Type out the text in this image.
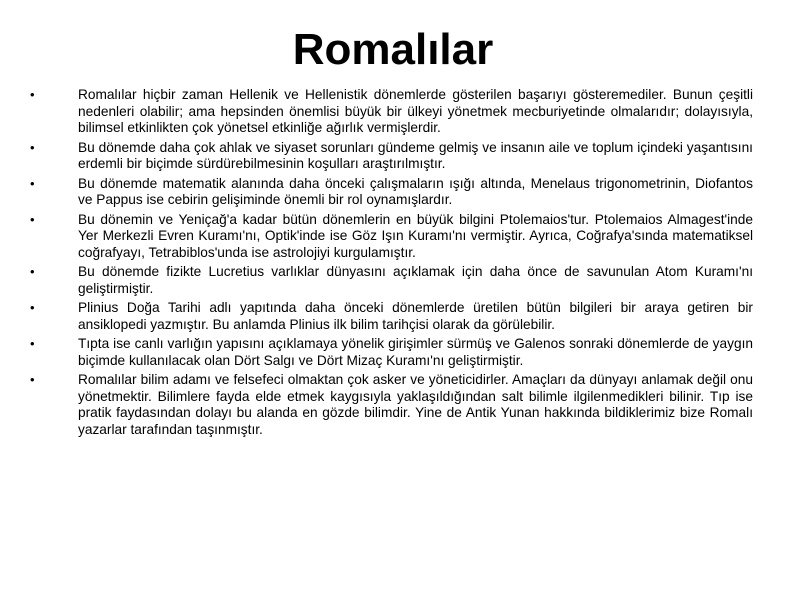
Romalılar
•	Romalılar hiçbir zaman Hellenik ve Hellenistik dönemlerde gösterilen başarıyı gösteremediler. Bunun çeşitli nedenleri olabilir; ama hepsinden önemlisi büyük bir ülkeyi yönetmek mecburiyetinde olmalarıdır; dolayısıyla, bilimsel etkinlikten çok yönetsel etkinliğe ağırlık vermişlerdir.
•	Bu dönemde daha çok ahlak ve siyaset sorunları gündeme gelmiş ve insanın aile ve toplum içindeki yaşantısını erdemli bir biçimde sürdürebilmesinin koşulları araştırılmıştır.
•	Bu dönemde matematik alanında daha önceki çalışmaların ışığı altında, Menelaus trigonometrinin, Diofantos ve Pappus ise cebirin gelişiminde önemli bir rol oynamışlardır.
•	Bu dönemin ve Yeniçağ'a kadar bütün dönemlerin en büyük bilgini Ptolemaios'tur. Ptolemaios Almagest'inde Yer Merkezli Evren Kuramı'nı, Optik'inde ise Göz Işın Kuramı'nı vermiştir. Ayrıca, Coğrafya'sında matematiksel coğrafyayı, Tetrabiblos'unda ise astrolojiyi kurgulamıştır.
•	Bu dönemde fizikte Lucretius varlıklar dünyasını açıklamak için daha önce de savunulan Atom Kuramı'nı geliştirmiştir.
•	Plinius Doğa Tarihi adlı yapıtında daha önceki dönemlerde üretilen bütün bilgileri bir araya getiren bir ansiklopedi yazmıştır. Bu anlamda Plinius ilk bilim tarihçisi olarak da görülebilir.
•	Tıpta ise canlı varlığın yapısını açıklamaya yönelik girişimler sürmüş ve Galenos sonraki dönemlerde de yaygın biçimde kullanılacak olan Dört Salgı ve Dört Mizaç Kuramı'nı geliştirmiştir.
•	Romalılar bilim adamı ve felsefeci olmaktan çok asker ve yöneticidirler. Amaçları da dünyayı anlamak değil onu yönetmektir. Bilimlere fayda elde etmek kaygısıyla yaklaşıldığından salt bilimle ilgilenmedikleri bilinir. Tıp ise pratik faydasından dolayı bu alanda en gözde bilimdir. Yine de Antik Yunan hakkında bildiklerimiz bize Romalı yazarlar tarafından taşınmıştır.
